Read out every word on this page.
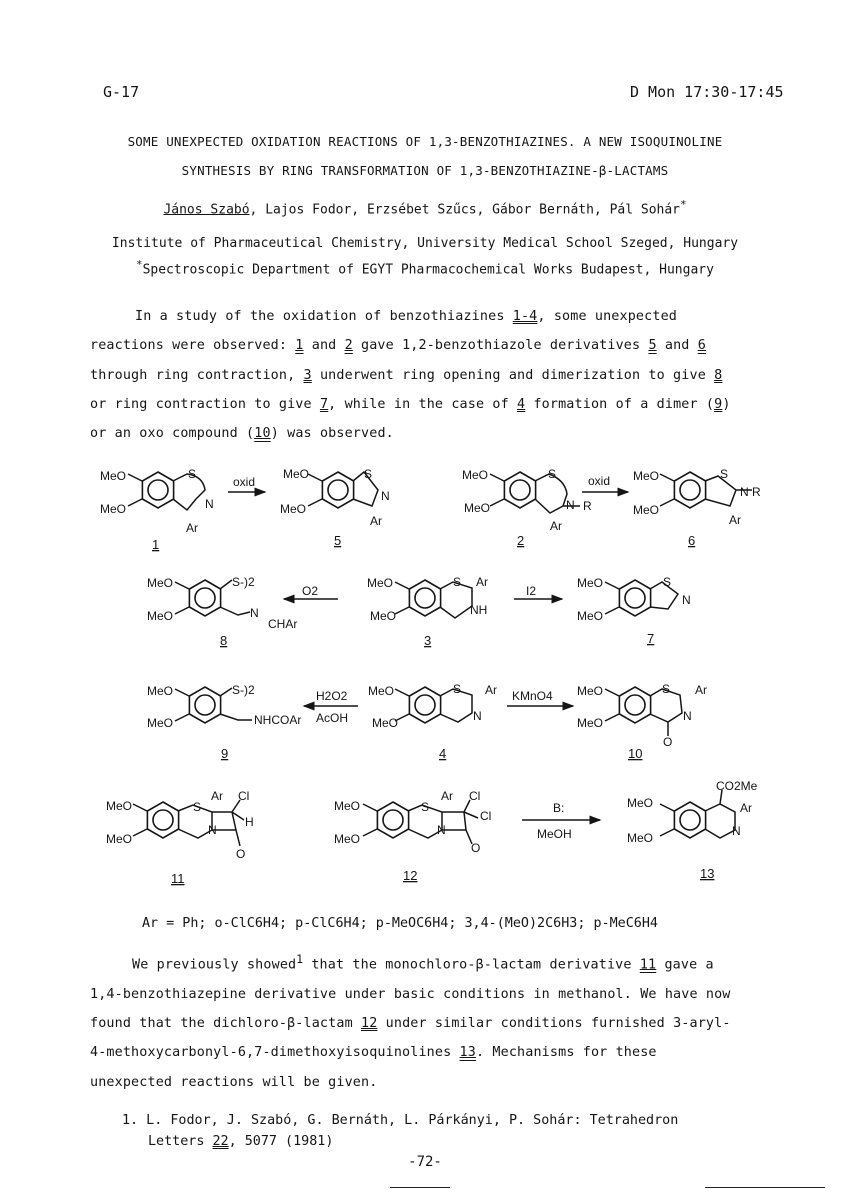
G-17	D Mon 17:30-17:45
SOME UNEXPECTED OXIDATION REACTIONS OF 1,3-BENZOTHIAZINES. A NEW ISOQUINOLINE
SYNTHESIS BY RING TRANSFORMATION OF 1,3-BENZOTHIAZINE-β-LACTAMS
János Szabó, Lajos Fodor, Erzsébet Szűcs, Gábor Bernáth, Pál Sohár*
Institute of Pharmaceutical Chemistry, University Medical School Szeged, Hungary
*Spectroscopic Department of EGYT Pharmacochemical Works Budapest, Hungary

In a study of the oxidation of benzothiazines 1-4, some unexpected

reactions were observed: 1 and 2 gave 1,2-benzothiazole derivatives 5 and 6

through ring contraction, 3 underwent ring opening and dimerization to give 8

or ring contraction to give 7, while in the case of 4 formation of a dimer (9)

or an oxo compound (10) was observed.

MeO
MeO
S
N
Ar
oxid
MeO
MeO
S
N
Ar
MeO
MeO
S
N R
Ar
oxid MeO
MeO
S
N R
Ar
MeO
MeO
S-)2
N
CHAr
O2
MeO
MeO
S Ar
NH
I2
MeO
MeO
S
N
MeO
MeO
S-)2
NHCOAr
H2O2
AcOH
MeO
MeO
S Ar
N
KMnO4 MeO
MeO
S Ar
N
O
MeO
MeO
S
Ar Cl
H
N
O
MeO
MeO
S
Ar Cl
Cl
N
O
B:
MeOH
CO2Me
MeO
MeO
Ar
N
1	5	2	6
8	3	7
9	4	10
11	12	13
Ar = Ph; o-ClC6H4; p-ClC6H4; p-MeOC6H4; 3,4-(MeO)2C6H3; p-MeC6H4

We previously showed$^1$ that the monochloro-β-lactam derivative 11 gave a

1,4-benzothiazepine derivative under basic conditions in methanol. We have now

found that the dichloro-β-lactam 12 under similar conditions furnished 3-aryl-

4-methoxycarbonyl-6,7-dimethoxyisoquinolines 13. Mechanisms for these

unexpected reactions will be given.

1. L. Fodor, J. Szabó, G. Bernáth, L. Párkányi, P. Sohár: Tetrahedron
Letters 22, 5077 (1981)
-72-
